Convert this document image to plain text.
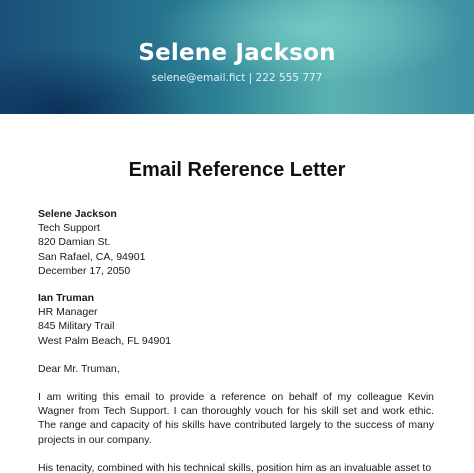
Selene Jackson
selene@email.fict | 222 555 777
Email Reference Letter
Selene Jackson
Tech Support
820 Damian St.
San Rafael, CA, 94901
December 17, 2050
Ian Truman
HR Manager
845 Military Trail
West Palm Beach, FL 94901
Dear Mr. Truman,
I am writing this email to provide a reference on behalf of my colleague Kevin Wagner from Tech Support. I can thoroughly vouch for his skill set and work ethic. The range and capacity of his skills have contributed largely to the success of many projects in our company.
His tenacity, combined with his technical skills, position him as an invaluable asset to
